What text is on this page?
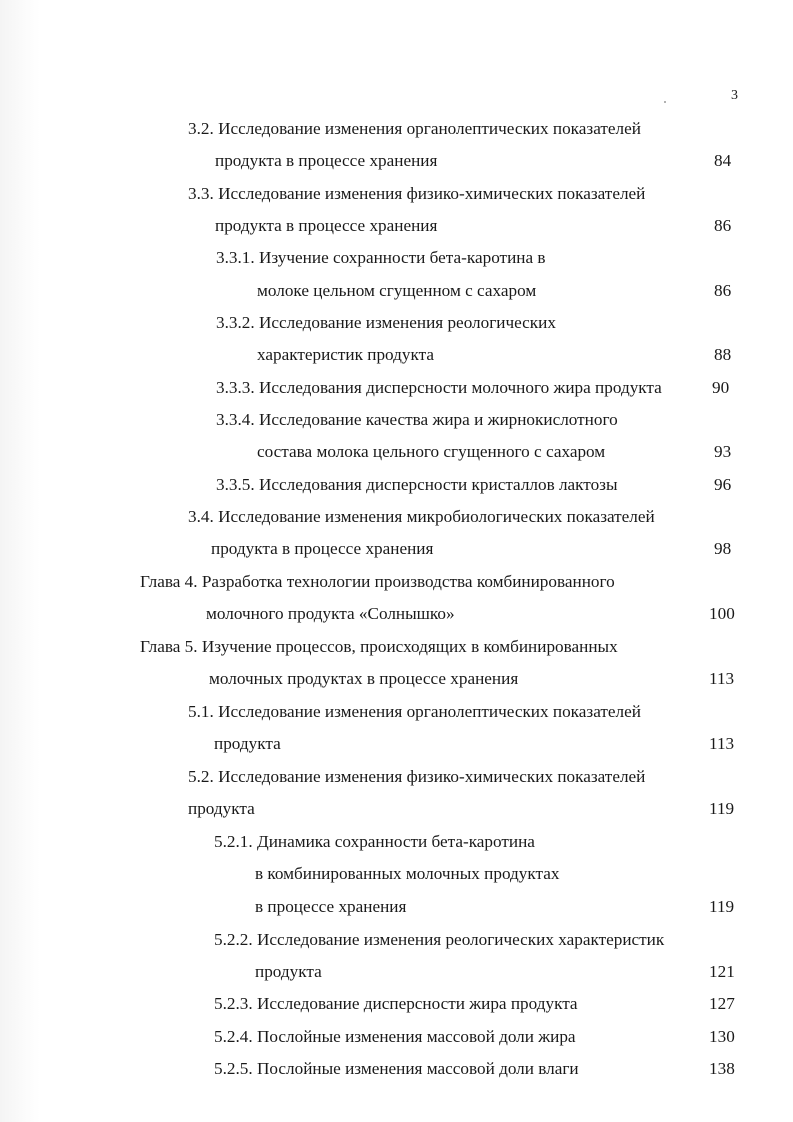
3
3.2. Исследование изменения органолептических показателей
продукта в процессе хранения	84
3.3. Исследование изменения физико-химических показателей
продукта в процессе хранения	86
3.3.1. Изучение сохранности бета-каротина в
молоке цельном сгущенном с сахаром	86
3.3.2. Исследование изменения реологических
характеристик продукта	88
3.3.3. Исследования дисперсности молочного жира продукта	90
3.3.4. Исследование качества жира и жирнокислотного
состава молока цельного сгущенного с сахаром	93
3.3.5. Исследования дисперсности кристаллов лактозы	96
3.4. Исследование изменения микробиологических показателей
продукта в процессе хранения	98
Глава 4. Разработка технологии производства комбинированного
молочного продукта «Солнышко»	100
Глава 5. Изучение процессов, происходящих в комбинированных
молочных продуктах в процессе хранения	113
5.1. Исследование изменения органолептических показателей
продукта	113
5.2. Исследование изменения физико-химических показателей
продукта	119
5.2.1. Динамика сохранности бета-каротина
в комбинированных молочных продуктах
в процессе хранения	119
5.2.2. Исследование изменения реологических характеристик
продукта	121
5.2.3. Исследование дисперсности жира продукта	127
5.2.4. Послойные изменения массовой доли жира	130
5.2.5. Послойные изменения массовой доли влаги	138
